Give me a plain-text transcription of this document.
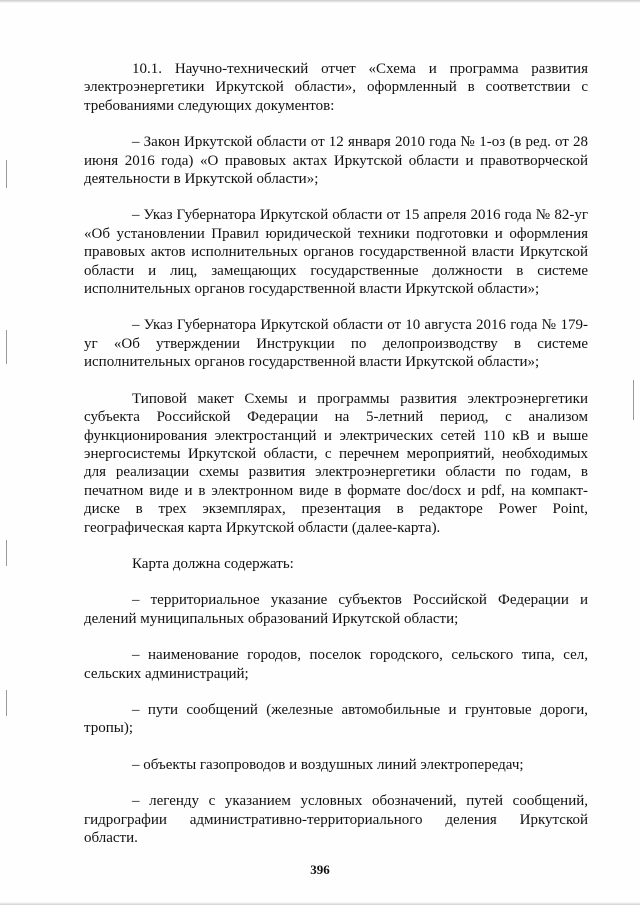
10.1. Научно-технический отчет «Схема и программа развития электроэнергетики Иркутской области», оформленный в соответствии с требованиями следующих документов:

– Закон Иркутской области от 12 января 2010 года № 1-оз (в ред. от 28 июня 2016 года) «О правовых актах Иркутской области и правотворческой деятельности в Иркутской области»;

– Указ Губернатора Иркутской области от 15 апреля 2016 года № 82-уг «Об установлении Правил юридической техники подготовки и оформления правовых актов исполнительных органов государственной власти Иркутской области и лиц, замещающих государственные должности в системе исполнительных органов государственной власти Иркутской области»;

– Указ Губернатора Иркутской области от 10 августа 2016 года № 179-уг «Об утверждении Инструкции по делопроизводству в системе исполнительных органов государственной власти Иркутской области»;

Типовой макет Схемы и программы развития электроэнергетики субъекта Российской Федерации на 5-летний период, с анализом функционирования электростанций и электрических сетей 110 кВ и выше энергосистемы Иркутской области, с перечнем мероприятий, необходимых для реализации схемы развития электроэнергетики области по годам, в печатном виде и в электронном виде в формате doc/docx и pdf, на компакт-диске в трех экземплярах, презентация в редакторе Power Point, географическая карта Иркутской области (далее-карта).

Карта должна содержать:

– территориальное указание субъектов Российской Федерации и делений муниципальных образований Иркутской области;

– наименование городов, поселок городского, сельского типа, сел, сельских администраций;

– пути сообщений (железные автомобильные и грунтовые дороги, тропы);

– объекты газопроводов и воздушных линий электропередач;

– легенду с указанием условных обозначений, путей сообщений, гидрографии административно-территориального деления Иркутской области.

396
